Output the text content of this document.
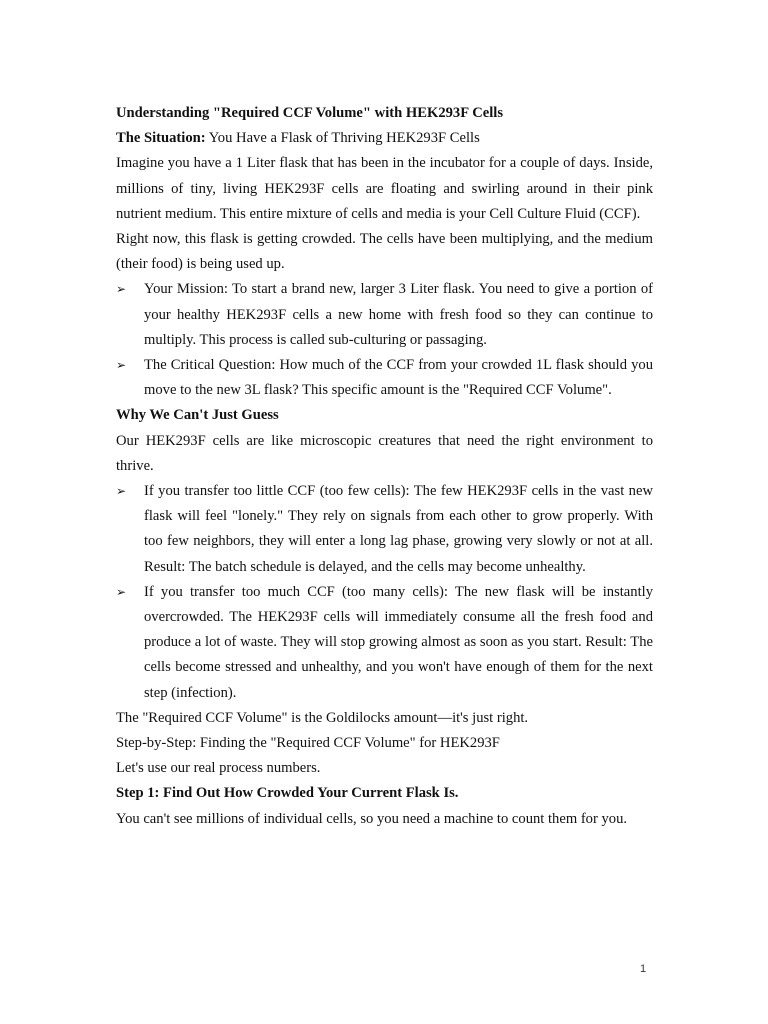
Understanding "Required CCF Volume" with HEK293F Cells

The Situation: You Have a Flask of Thriving HEK293F Cells

Imagine you have a 1 Liter flask that has been in the incubator for a couple of days. Inside, millions of tiny, living HEK293F cells are floating and swirling around in their pink nutrient medium. This entire mixture of cells and media is your Cell Culture Fluid (CCF).

Right now, this flask is getting crowded. The cells have been multiplying, and the medium (their food) is being used up.

➢ Your Mission: To start a brand new, larger 3 Liter flask. You need to give a portion of your healthy HEK293F cells a new home with fresh food so they can continue to multiply. This process is called sub-culturing or passaging.
➢ The Critical Question: How much of the CCF from your crowded 1L flask should you move to the new 3L flask? This specific amount is the "Required CCF Volume".

Why We Can't Just Guess

Our HEK293F cells are like microscopic creatures that need the right environment to thrive.

➢ If you transfer too little CCF (too few cells): The few HEK293F cells in the vast new flask will feel "lonely." They rely on signals from each other to grow properly. With too few neighbors, they will enter a long lag phase, growing very slowly or not at all. Result: The batch schedule is delayed, and the cells may become unhealthy.
➢ If you transfer too much CCF (too many cells): The new flask will be instantly overcrowded. The HEK293F cells will immediately consume all the fresh food and produce a lot of waste. They will stop growing almost as soon as you start. Result: The cells become stressed and unhealthy, and you won't have enough of them for the next step (infection).

The "Required CCF Volume" is the Goldilocks amount—it's just right.

Step-by-Step: Finding the "Required CCF Volume" for HEK293F

Let's use our real process numbers.

Step 1: Find Out How Crowded Your Current Flask Is.

You can't see millions of individual cells, so you need a machine to count them for you.

1
